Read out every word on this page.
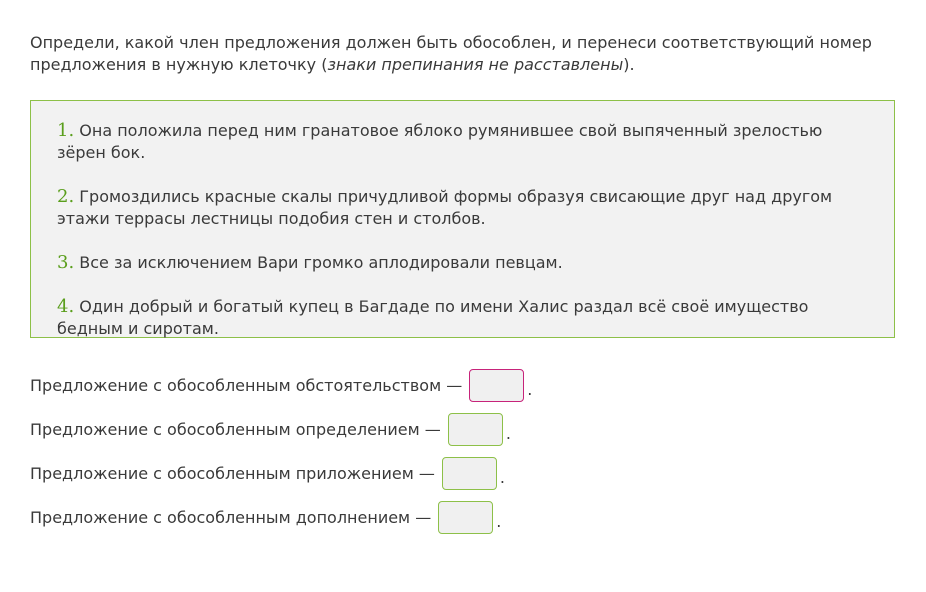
Определи, какой член предложения должен быть обособлен, и перенеси соответствующий номер предложения в нужную клеточку (знаки препинания не расставлены).
1. Она положила перед ним гранатовое яблоко румянившее свой выпяченный зрелостью зёрен бок.
2. Громоздились красные скалы причудливой формы образуя свисающие друг над другом этажи террасы лестницы подобия стен и столбов.
3. Все за исключением Вари громко аплодировали певцам.
4. Один добрый и богатый купец в Багдаде по имени Халис раздал всё своё имущество бедным и сиротам.
Предложение с обособленным обстоятельством —	.
Предложение с обособленным определением —	.
Предложение с обособленным приложением —	.
Предложение с обособленным дополнением —	.
